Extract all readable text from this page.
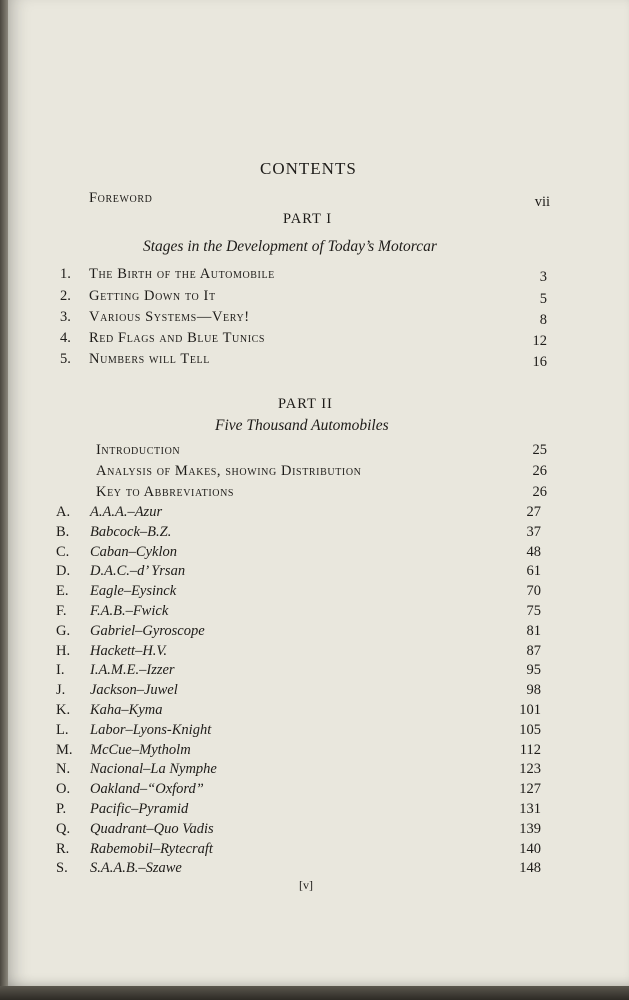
CONTENTS
Foreword	vii
PART I
Stages in the Development of Today’s Motorcar
1. The Birth of the Automobile	3
2. Getting Down to It	5
3. Various Systems—Very!	8
4. Red Flags and Blue Tunics	12
5. Numbers will Tell	16
PART II
Five Thousand Automobiles
Introduction	25
Analysis of Makes, showing Distribution	26
Key to Abbreviations	26
A. A.A.A.–Azur	27
B. Babcock–B.Z.	37
C. Caban–Cyklon	48
D. D.A.C.–d’ Yrsan	61
E. Eagle–Eysinck	70
F. F.A.B.–Fwick	75
G. Gabriel–Gyroscope	81
H. Hackett–H.V.	87
I. I.A.M.E.–Izzer	95
J. Jackson–Juwel	98
K. Kaha–Kyma	101
L. Labor–Lyons-Knight	105
M. McCue–Mytholm	112
N. Nacional–La Nymphe	123
O. Oakland–“Oxford”	127
P. Pacific–Pyramid	131
Q. Quadrant–Quo Vadis	139
R. Rabemobil–Rytecraft	140
S. S.A.A.B.–Szawe	148
[v]
